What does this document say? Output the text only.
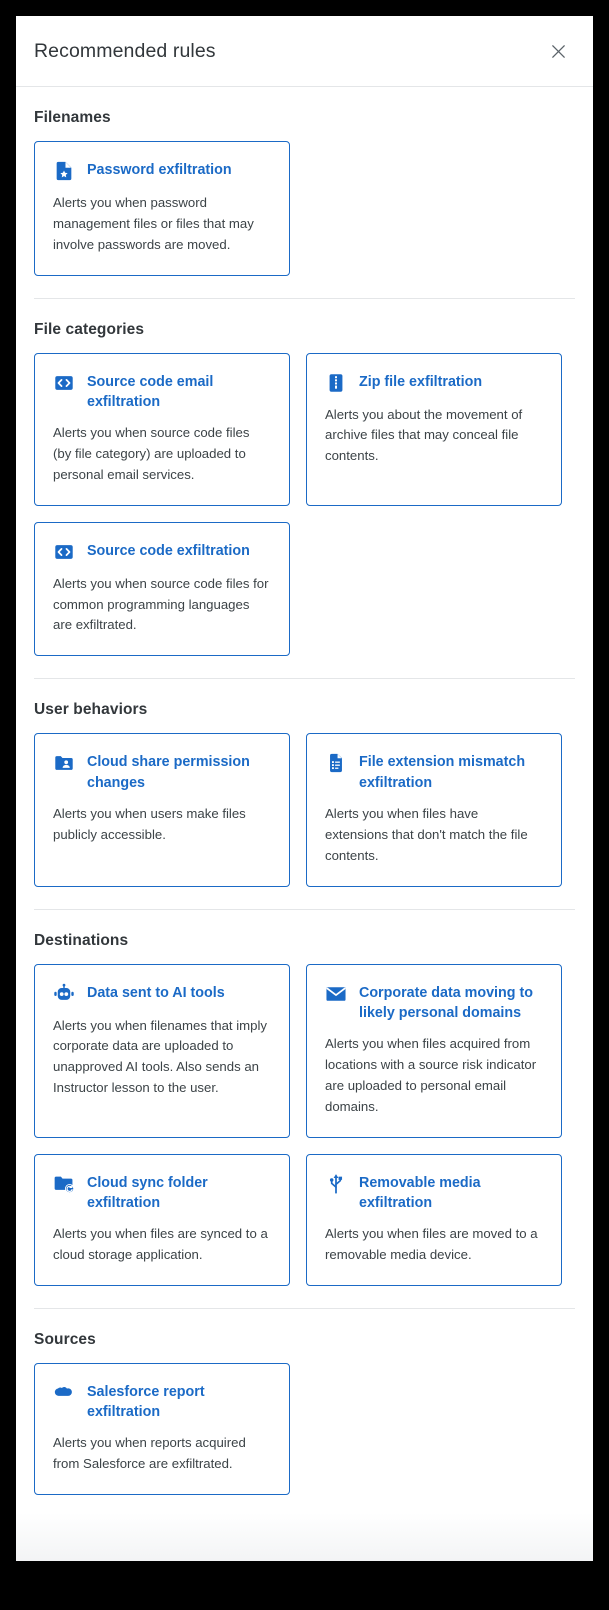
Recommended rules
Filenames
Password exfiltration
Alerts you when password management files or files that may involve passwords are moved.
File categories
Source code email exfiltration
Alerts you when source code files (by file category) are uploaded to personal email services.
Zip file exfiltration
Alerts you about the movement of archive files that may conceal file contents.
Source code exfiltration
Alerts you when source code files for common programming languages are exfiltrated.
User behaviors
Cloud share permission changes
Alerts you when users make files publicly accessible.
File extension mismatch exfiltration
Alerts you when files have extensions that don't match the file contents.
Destinations
Data sent to AI tools
Alerts you when filenames that imply corporate data are uploaded to unapproved AI tools. Also sends an Instructor lesson to the user.
Corporate data moving to likely personal domains
Alerts you when files acquired from locations with a source risk indicator are uploaded to personal email domains.
Cloud sync folder exfiltration
Alerts you when files are synced to a cloud storage application.
Removable media exfiltration
Alerts you when files are moved to a removable media device.
Sources
Salesforce report exfiltration
Alerts you when reports acquired from Salesforce are exfiltrated.
